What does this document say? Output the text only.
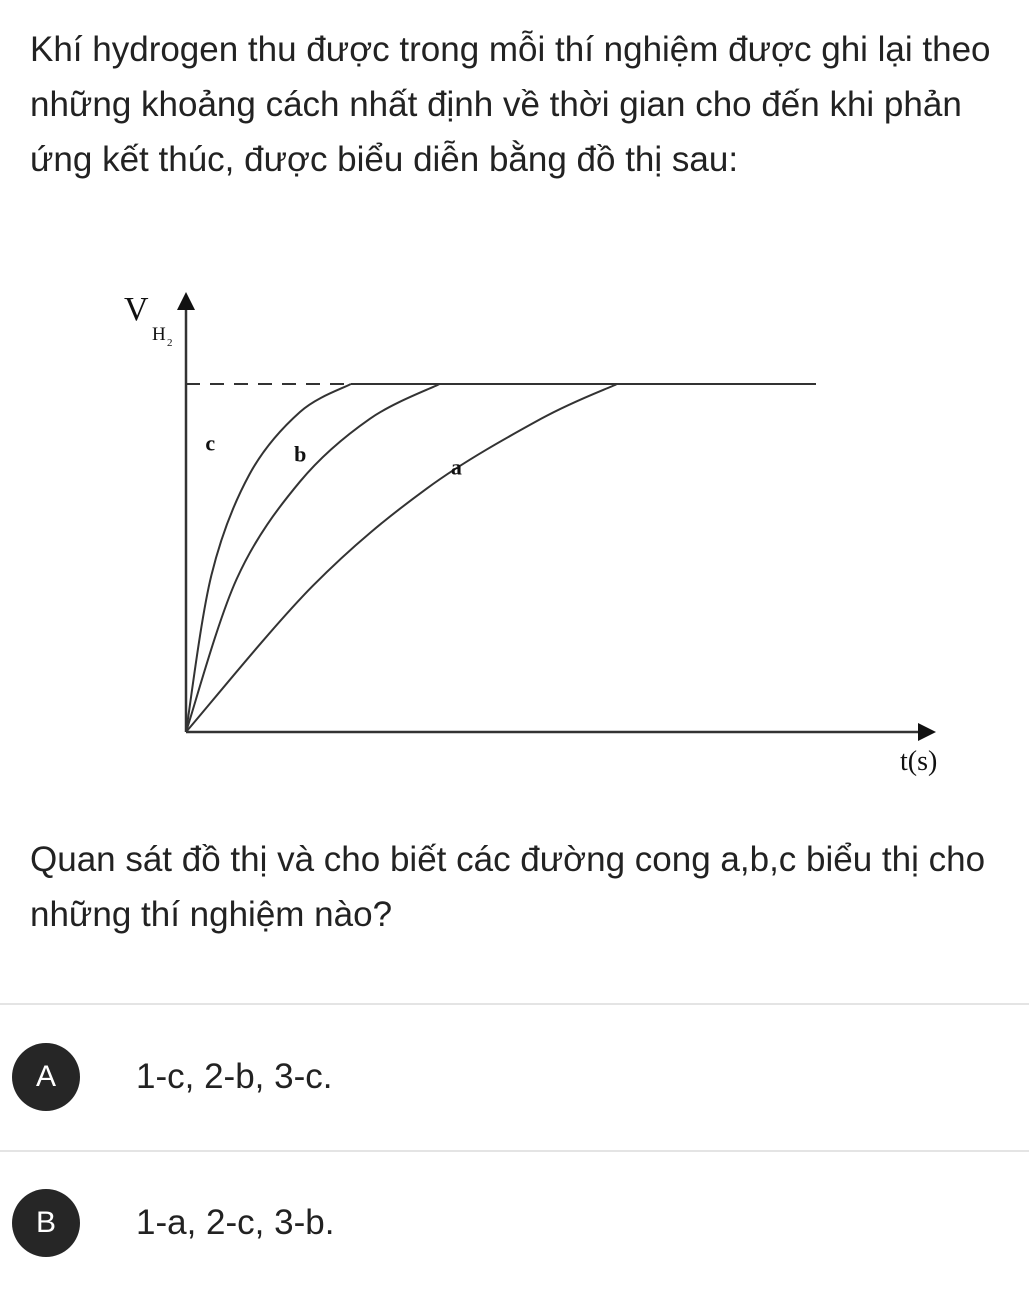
Khí hydrogen thu được trong mỗi thí nghiệm được ghi lại theo những khoảng cách nhất định về thời gian cho đến khi phản ứng kết thúc, được biểu diễn bằng đồ thị sau:

V
H 2
t(s)
c	b
a

Quan sát đồ thị và cho biết các đường cong a,b,c biểu thị cho những thí nghiệm nào?

A	1-c, 2-b, 3-c.
B	1-a, 2-c, 3-b.
